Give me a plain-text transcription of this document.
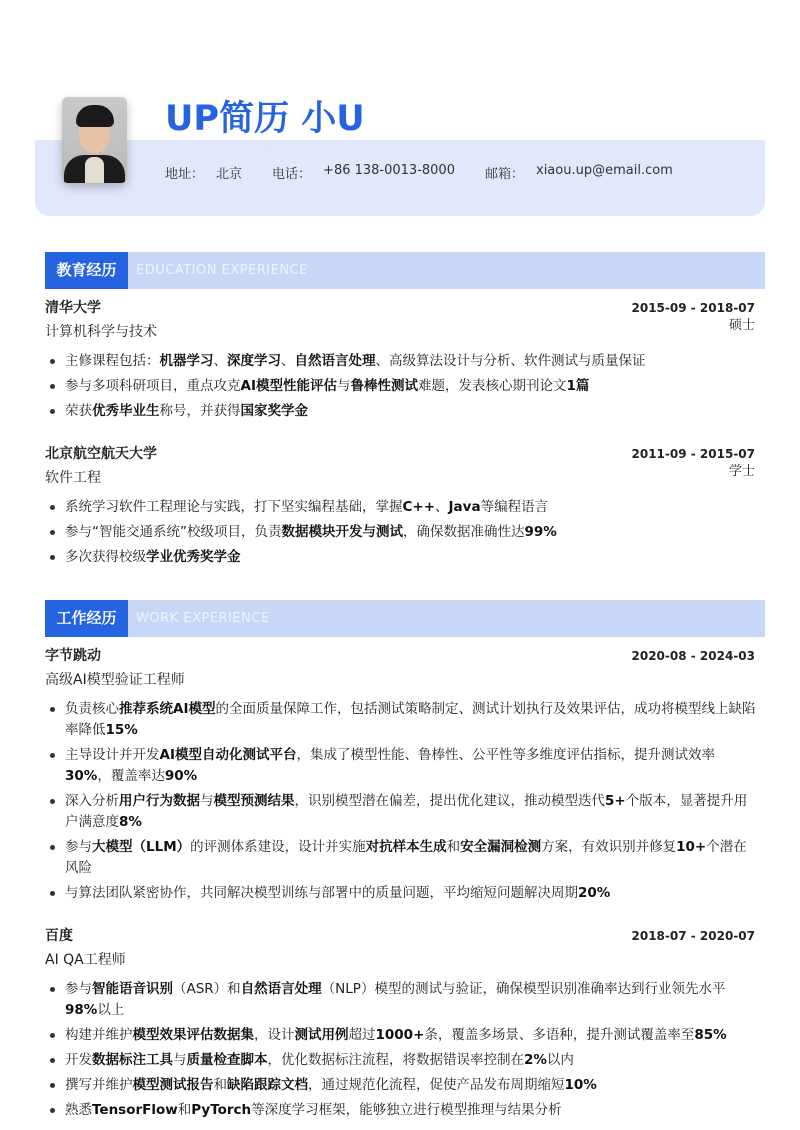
UP简历 小U
地址： 北京 电话： +86 138-0013-8000 邮箱： xiaou.up@email.com
教育经历	EDUCATION EXPERIENCE
清华大学	2015-09 - 2018-07
计算机科学与技术	硕士
主修课程包括：机器学习、深度学习、自然语言处理、高级算法设计与分析、软件测试与质量保证
参与多项科研项目，重点攻克AI模型性能评估与鲁棒性测试难题，发表核心期刊论文1篇
荣获优秀毕业生称号，并获得国家奖学金
北京航空航天大学	2011-09 - 2015-07
软件工程	学士
系统学习软件工程理论与实践，打下坚实编程基础，掌握C++、Java等编程语言
参与“智能交通系统”校级项目，负责数据模块开发与测试，确保数据准确性达99%
多次获得校级学业优秀奖学金
工作经历	WORK EXPERIENCE
字节跳动	2020-08 - 2024-03
高级AI模型验证工程师
负责核心推荐系统AI模型的全面质量保障工作，包括测试策略制定、测试计划执行及效果评估，成功将模型线上缺陷率降低15%
主导设计并开发AI模型自动化测试平台，集成了模型性能、鲁棒性、公平性等多维度评估指标，提升测试效率30%，覆盖率达90%
深入分析用户行为数据与模型预测结果，识别模型潜在偏差，提出优化建议，推动模型迭代5+个版本，显著提升用户满意度8%
参与大模型（LLM）的评测体系建设，设计并实施对抗样本生成和安全漏洞检测方案，有效识别并修复10+个潜在风险
与算法团队紧密协作，共同解决模型训练与部署中的质量问题，平均缩短问题解决周期20%
百度	2018-07 - 2020-07
AI QA工程师
参与智能语音识别（ASR）和自然语言处理（NLP）模型的测试与验证，确保模型识别准确率达到行业领先水平98%以上
构建并维护模型效果评估数据集，设计测试用例超过1000+条，覆盖多场景、多语种，提升测试覆盖率至85%
开发数据标注工具与质量检查脚本，优化数据标注流程，将数据错误率控制在2%以内
撰写并维护模型测试报告和缺陷跟踪文档，通过规范化流程，促使产品发布周期缩短10%
熟悉TensorFlow和PyTorch等深度学习框架，能够独立进行模型推理与结果分析
